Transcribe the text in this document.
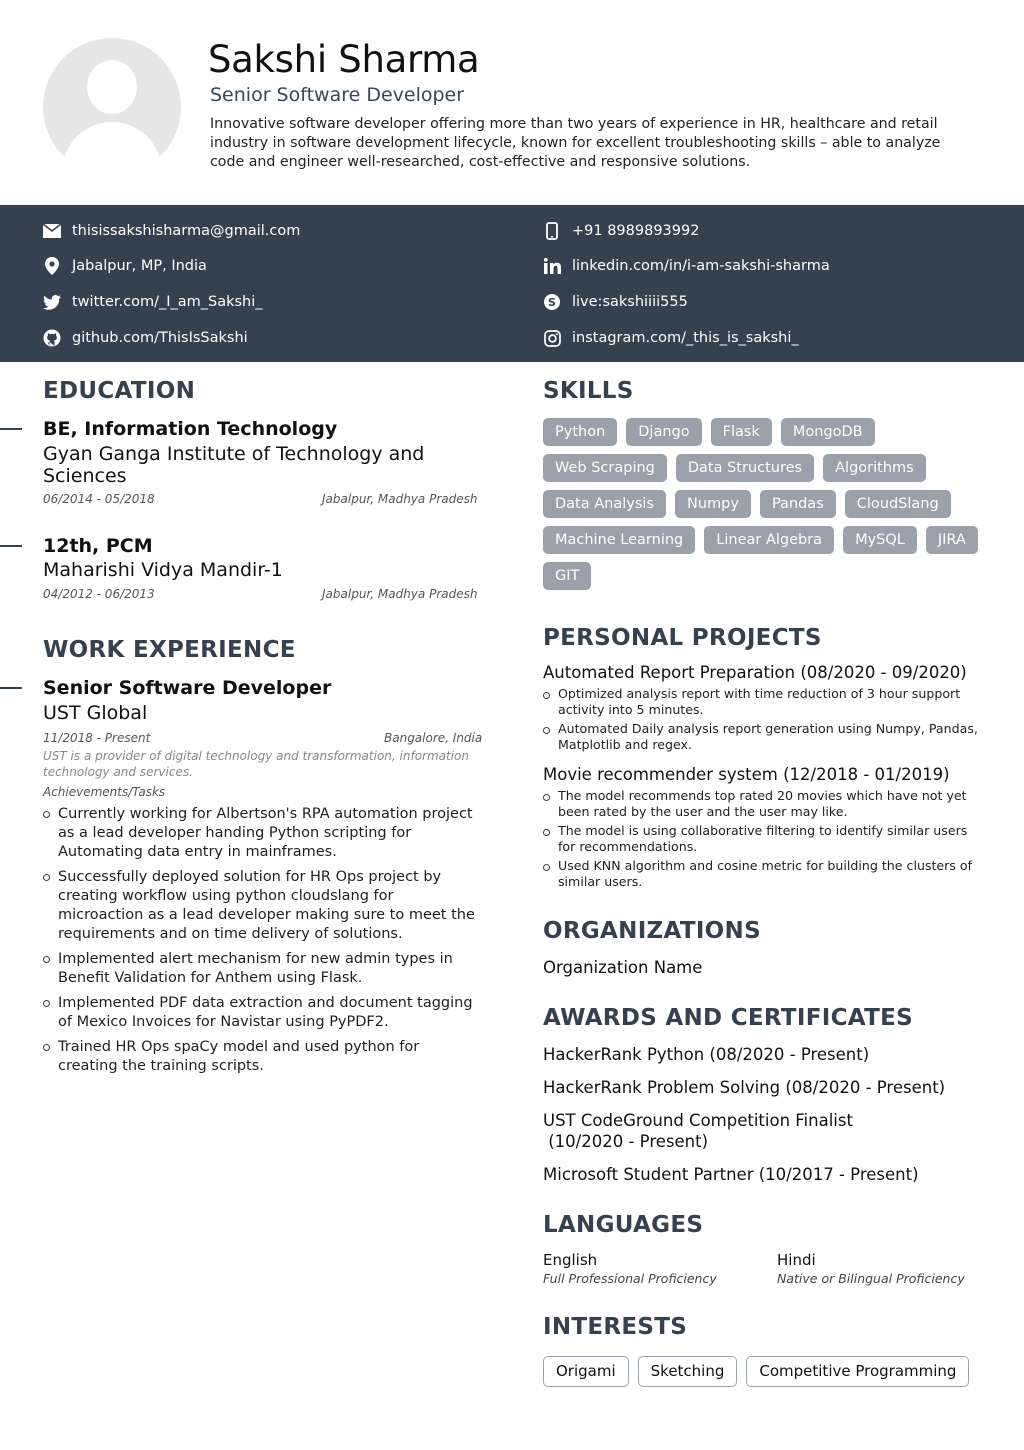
Sakshi Sharma
Senior Software Developer
Innovative software developer offering more than two years of experience in HR, healthcare and retail industry in software development lifecycle, known for excellent troubleshooting skills – able to analyze code and engineer well-researched, cost-effective and responsive solutions.
thisissakshisharma@gmail.com	+91 8989893992
Jabalpur, MP, India	linkedin.com/in/i-am-sakshi-sharma
twitter.com/_I_am_Sakshi_	S live:sakshiiii555
github.com/ThisIsSakshi	instagram.com/_this_is_sakshi_
EDUCATION
BE, Information Technology
Gyan Ganga Institute of Technology and Sciences
06/2014 - 05/2018	Jabalpur, Madhya Pradesh
12th, PCM
Maharishi Vidya Mandir-1
04/2012 - 06/2013	Jabalpur, Madhya Pradesh
WORK EXPERIENCE
Senior Software Developer
UST Global
11/2018 - Present	Bangalore, India
UST is a provider of digital technology and transformation, information technology and services.
Achievements/Tasks
Currently working for Albertson's RPA automation project as a lead developer handing Python scripting for Automating data entry in mainframes.
Successfully deployed solution for HR Ops project by creating workflow using python cloudslang for microaction as a lead developer making sure to meet the requirements and on time delivery of solutions.
Implemented alert mechanism for new admin types in Benefit Validation for Anthem using Flask.
Implemented PDF data extraction and document tagging of Mexico Invoices for Navistar using PyPDF2.
Trained HR Ops spaCy model and used python for creating the training scripts.
SKILLS
Python	Django	Flask	MongoDB
Web Scraping	Data Structures	Algorithms
Data Analysis	Numpy	Pandas	CloudSlang
Machine Learning	Linear Algebra	MySQL	JIRA
GIT
PERSONAL PROJECTS
Automated Report Preparation (08/2020 - 09/2020)
Optimized analysis report with time reduction of 3 hour support activity into 5 minutes.
Automated Daily analysis report generation using Numpy, Pandas, Matplotlib and regex.
Movie recommender system (12/2018 - 01/2019)
The model recommends top rated 20 movies which have not yet been rated by the user and the user may like.
The model is using collaborative filtering to identify similar users for recommendations.
Used KNN algorithm and cosine metric for building the clusters of similar users.
ORGANIZATIONS
Organization Name
AWARDS AND CERTIFICATES
HackerRank Python (08/2020 - Present)
HackerRank Problem Solving (08/2020 - Present)
UST CodeGround Competition Finalist
(10/2020 - Present)
Microsoft Student Partner (10/2017 - Present)
LANGUAGES
English
Full Professional Proficiency
Hindi
Native or Bilingual Proficiency
INTERESTS
Origami	Sketching	Competitive Programming
